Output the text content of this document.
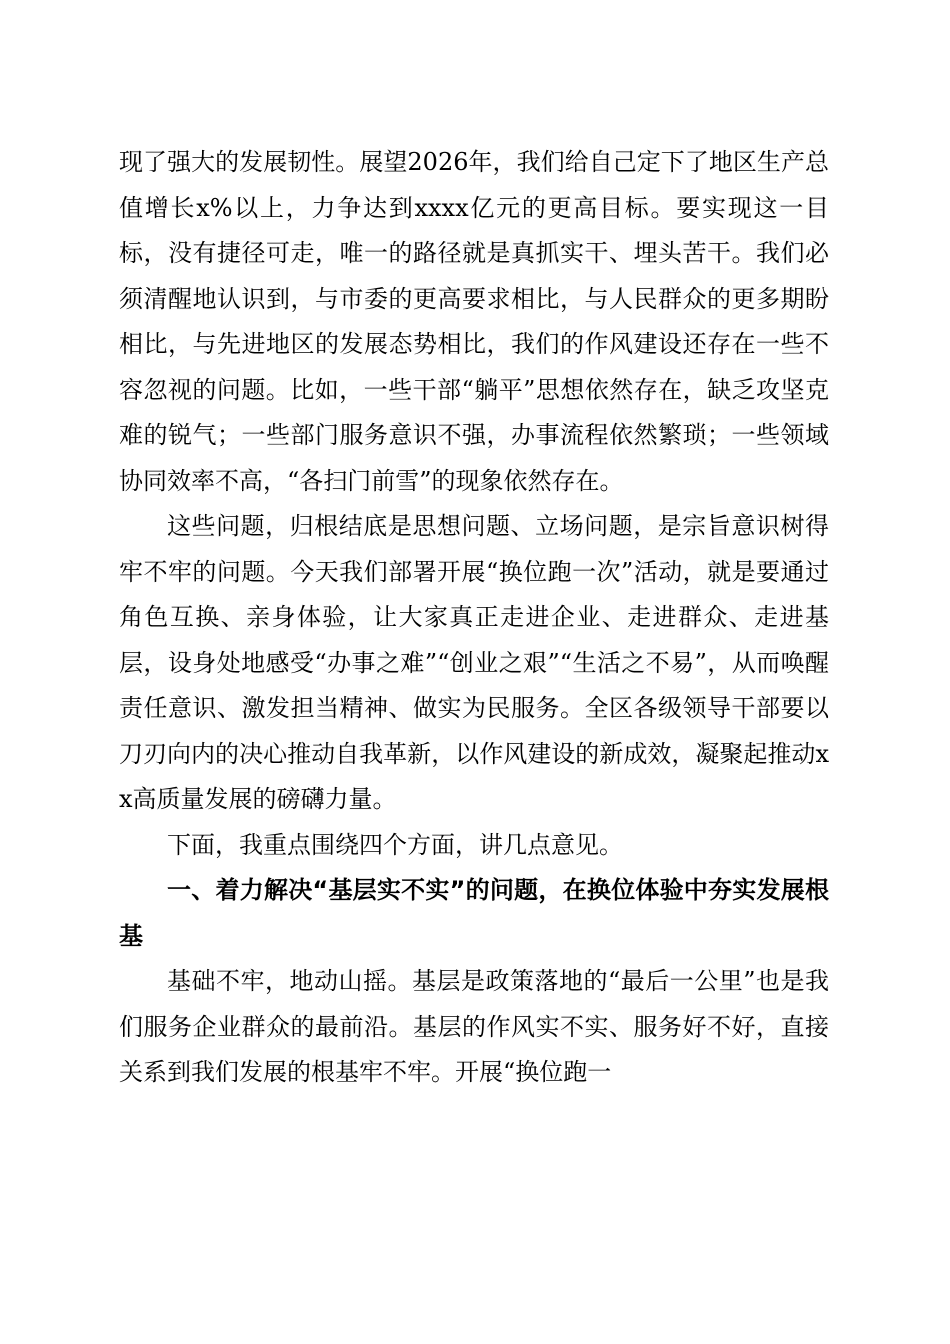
现了强大的发展韧性。展望2026年，我们给自己定下了地区生产总值增长x%以上，力争达到xxxx亿元的更高目标。要实现这一目标，没有捷径可走，唯一的路径就是真抓实干、埋头苦干。我们必须清醒地认识到，与市委的更高要求相比，与人民群众的更多期盼相比，与先进地区的发展态势相比，我们的作风建设还存在一些不容忽视的问题。比如，一些干部“躺平”思想依然存在，缺乏攻坚克难的锐气；一些部门服务意识不强，办事流程依然繁琐；一些领域协同效率不高，“各扫门前雪”的现象依然存在。

这些问题，归根结底是思想问题、立场问题，是宗旨意识树得牢不牢的问题。今天我们部署开展“换位跑一次”活动，就是要通过角色互换、亲身体验，让大家真正走进企业、走进群众、走进基层，设身处地感受“办事之难”“创业之艰”“生活之不易”，从而唤醒责任意识、激发担当精神、做实为民服务。全区各级领导干部要以刀刃向内的决心推动自我革新，以作风建设的新成效，凝聚起推动xx高质量发展的磅礴力量。

下面，我重点围绕四个方面，讲几点意见。

一、着力解决“基层实不实”的问题，在换位体验中夯实发展根基

基础不牢，地动山摇。基层是政策落地的“最后一公里”也是我们服务企业群众的最前沿。基层的作风实不实、服务好不好，直接关系到我们发展的根基牢不牢。开展“换位跑一
